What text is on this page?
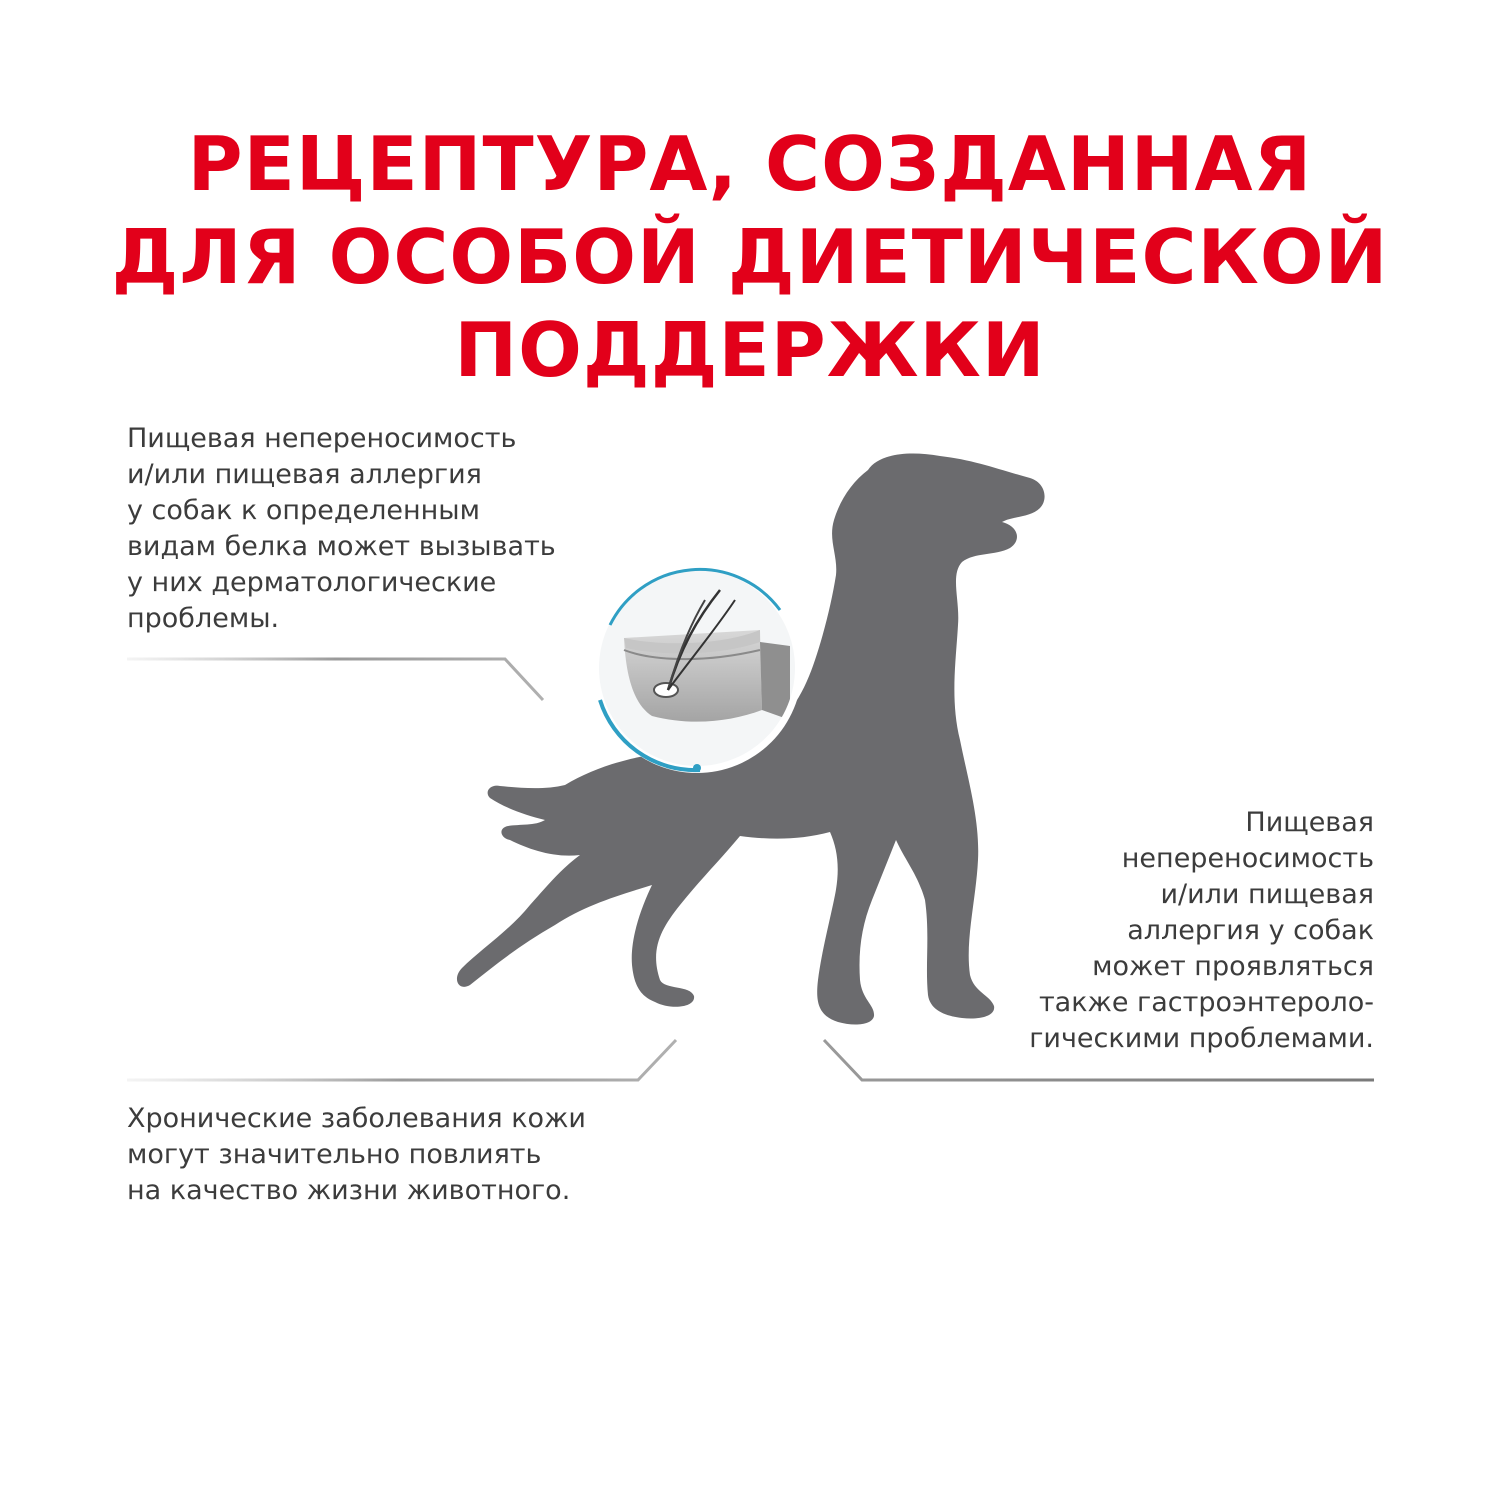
РЕЦЕПТУРА, СОЗДАННАЯ
ДЛЯ ОСОБОЙ ДИЕТИЧЕСКОЙ
ПОДДЕРЖКИ
Пищевая непереносимость
и/или пищевая аллергия
у собак к определенным
видам белка может вызывать
у них дерматологические
проблемы.
Пищевая
непереносимость
и/или пищевая
аллергия у собак
может проявляться
также гастроэнтероло-
гическими проблемами.
Хронические заболевания кожи
могут значительно повлиять
на качество жизни животного.
